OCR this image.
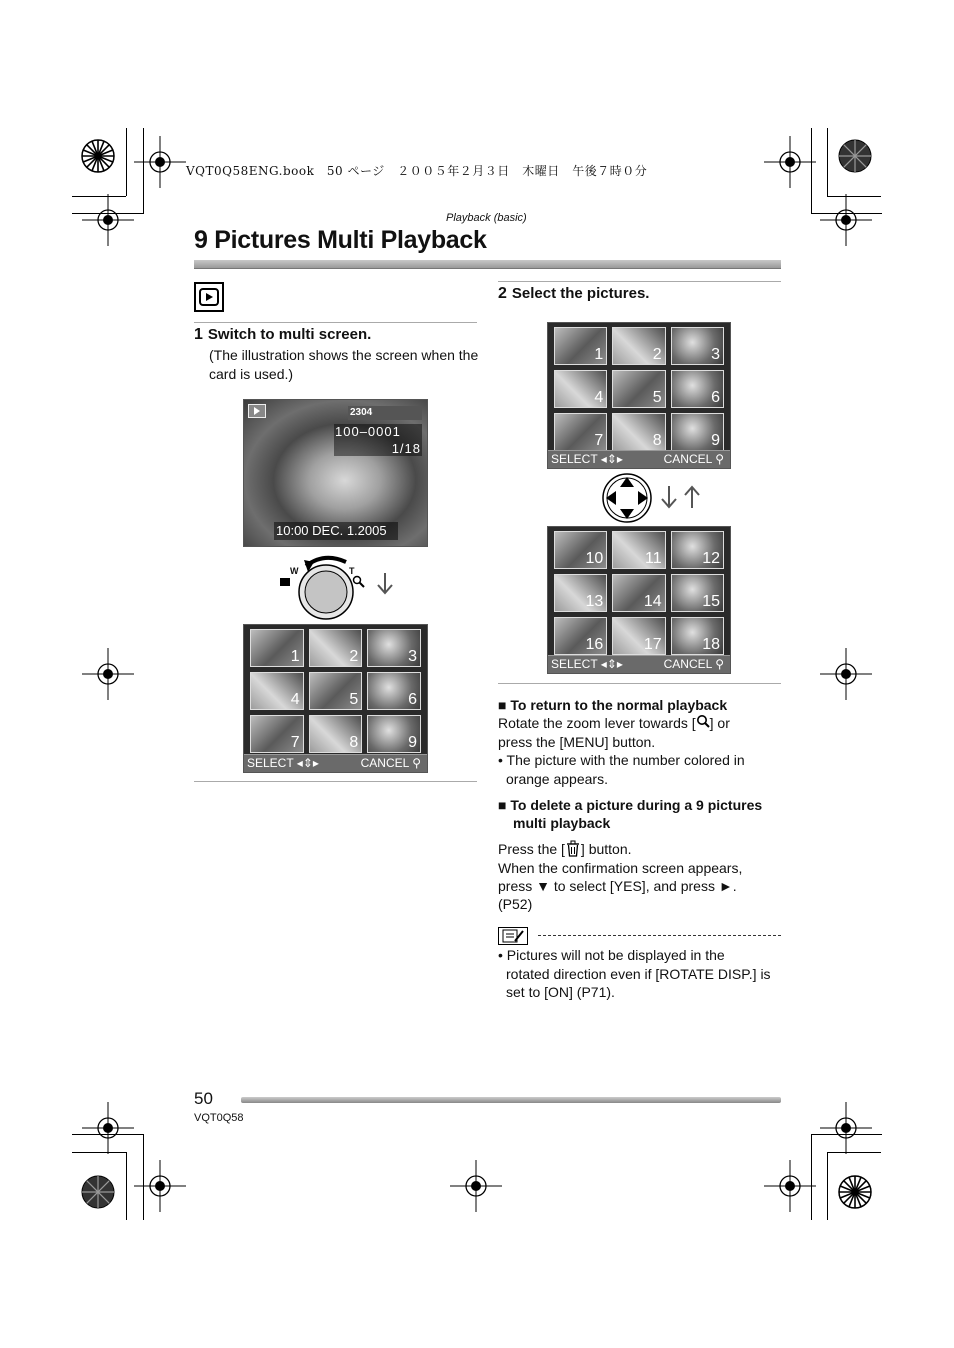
VQT0Q58ENG.book　50 ページ　２００５年２月３日　木曜日　午後７時０分
Playback (basic)
9 Pictures Multi Playback
1 Switch to multi screen.
(The illustration shows the screen when the card is used.)
2304
100–0001
1/18
10:00 DEC. 1.2005
W	T
1	2	3
4	5	6
7	8	9
SELECT ◂⇕▸	CANCEL ⚲
2 Select the pictures.
1	2	3
4	5	6
7	8	9
SELECT ◂⇕▸	CANCEL ⚲
10	11	12
13	14	15
16	17	18
SELECT ◂⇕▸	CANCEL ⚲
■ To return to the normal playback
Rotate the zoom lever towards [ ] or
press the [MENU] button.
• The picture with the number colored in
orange appears.
■ To delete a picture during a 9 pictures
multi playback
Press the [ ] button.
When the confirmation screen appears,
press ▼ to select [YES], and press ►.
(P52)
• Pictures will not be displayed in the
rotated direction even if [ROTATE DISP.] is
set to [ON] (P71).
50
VQT0Q58
